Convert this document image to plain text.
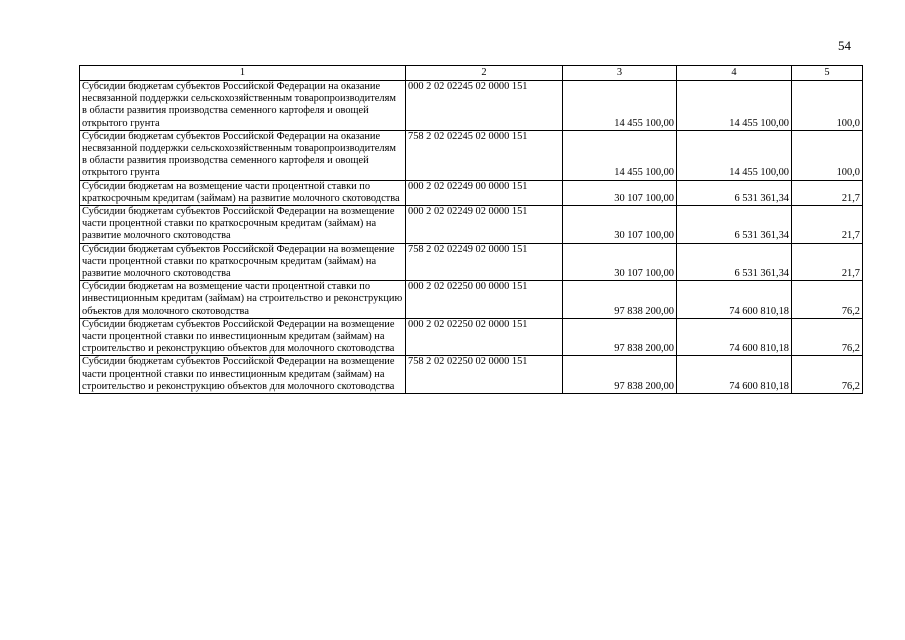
54
1	2	3	4	5
Субсидии бюджетам субъектов Российской Федерации на оказание несвязанной поддержки сельскохозяйственным товаропроизводителям в области развития производства семенного картофеля и овощей открытого грунта	000 2 02 02245 02 0000 151	14 455 100,00	14 455 100,00	100,0
Субсидии бюджетам субъектов Российской Федерации на оказание несвязанной поддержки сельскохозяйственным товаропроизводителям в области развития производства семенного картофеля и овощей открытого грунта	758 2 02 02245 02 0000 151	14 455 100,00	14 455 100,00	100,0
Субсидии бюджетам на возмещение части процентной ставки по краткосрочным кредитам (займам) на развитие молочного скотоводства	000 2 02 02249 00 0000 151	30 107 100,00	6 531 361,34	21,7
Субсидии бюджетам субъектов Российской Федерации на возмещение части процентной ставки по краткосрочным кредитам (займам) на развитие молочного скотоводства	000 2 02 02249 02 0000 151	30 107 100,00	6 531 361,34	21,7
Субсидии бюджетам субъектов Российской Федерации на возмещение части процентной ставки по краткосрочным кредитам (займам) на развитие молочного скотоводства	758 2 02 02249 02 0000 151	30 107 100,00	6 531 361,34	21,7
Субсидии бюджетам на возмещение части процентной ставки по инвестиционным кредитам (займам) на строительство и реконструкцию объектов для молочного скотоводства	000 2 02 02250 00 0000 151	97 838 200,00	74 600 810,18	76,2
Субсидии бюджетам субъектов Российской Федерации на возмещение части процентной ставки по инвестиционным кредитам (займам) на строительство и реконструкцию объектов для молочного скотоводства	000 2 02 02250 02 0000 151	97 838 200,00	74 600 810,18	76,2
Субсидии бюджетам субъектов Российской Федерации на возмещение части процентной ставки по инвестиционным кредитам (займам) на строительство и реконструкцию объектов для молочного скотоводства	758 2 02 02250 02 0000 151	97 838 200,00	74 600 810,18	76,2
